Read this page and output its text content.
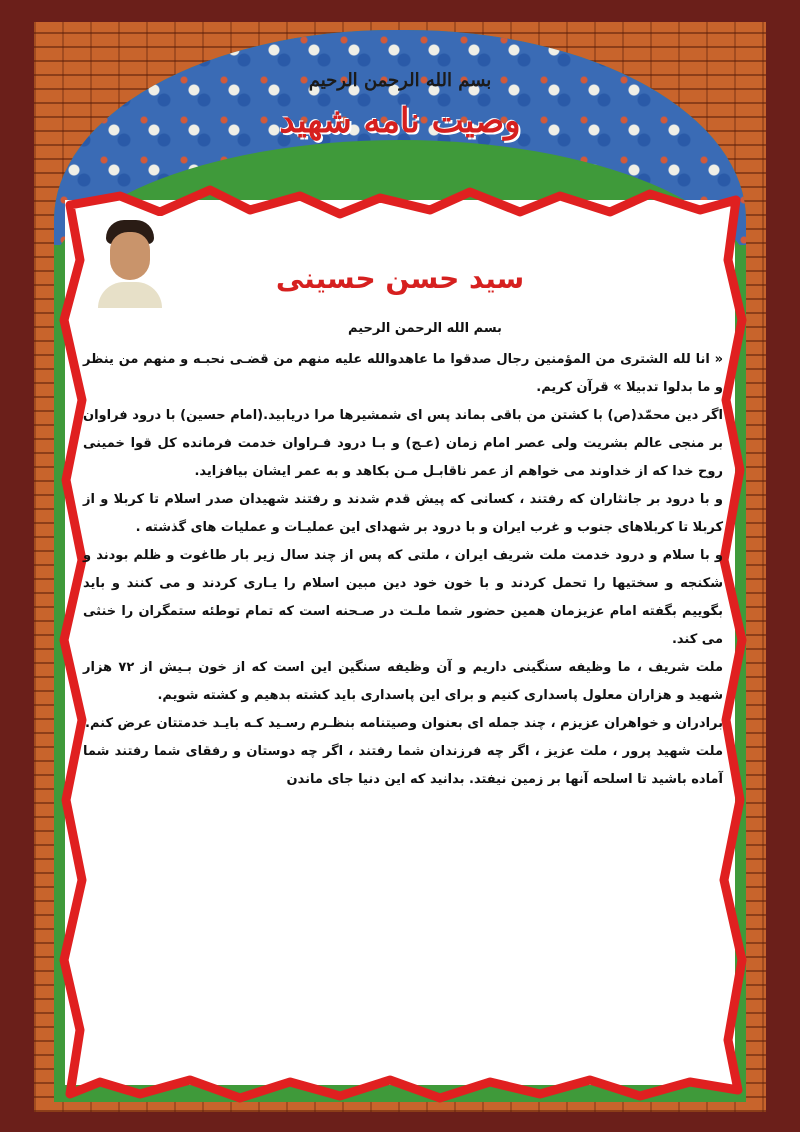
بسم الله الرحمن الرحیم
وصیت نامه شهید
سید حسن حسینی
بسم الله الرحمن الرحیم

« انا لله الشتری من المؤمنین رجال صدقوا ما عاهدوالله علیه منهم من قضـی نحبـه و منهم من ینظر و ما بدلوا تدبیلا » قرآن کریم.

اگر دین محمّد(ص) با کشتن من باقی بماند پس ای شمشیرها مرا دریابید.(امام حسین) با درود فراوان بر منجی عالم بشریت ولی عصر امام زمان (عـج) و بـا درود فـراوان خدمت فرمانده کل قوا خمینی روح خدا که از خداوند می خواهم از عمر ناقابـل مـن بکاهد و به عمر ایشان بیافزاید.

و با درود بر جانثاران که رفتند ، کسانی که پیش قدم شدند و رفتند شهیدان صدر اسلام تا کربلا و از کربلا تا کربلاهای جنوب و غرب ایران و با درود بر شهدای این عملیـات و عملیات های گذشته .

و با سلام و درود خدمت ملت شریف ایران ، ملتی که پس از چند سال زیر بار طاغوت و ظلم بودند و شکنجه و سختیها را تحمل کردند و با خون خود دین مبین اسلام را یـاری کردند و می کنند و باید بگوییم بگفته امام عزیزمان همین حضور شما ملـت در صـحنه است که تمام توطئه ستمگران را خنثی می کند.

ملت شریف ، ما وظیفه سنگینی داریم و آن وظیفه سنگین این است که از خون بـیش از ۷۲ هزار شهید و هزاران معلول پاسداری کنیم و برای این پاسداری باید کشته بدهیم و کشته شویم.

برادران و خواهران عزیزم ، چند جمله ای بعنوان وصیتنامه بنظـرم رسـید کـه بایـد خدمتتان عرض کنم.

ملت شهید پرور ، ملت عزیز ، اگر چه فرزندان شما رفتند ، اگر چه دوستان و رفقای شما رفتند شما آماده باشید تا اسلحه آنها بر زمین نیفتد. بدانید که این دنیا جای ماندن
